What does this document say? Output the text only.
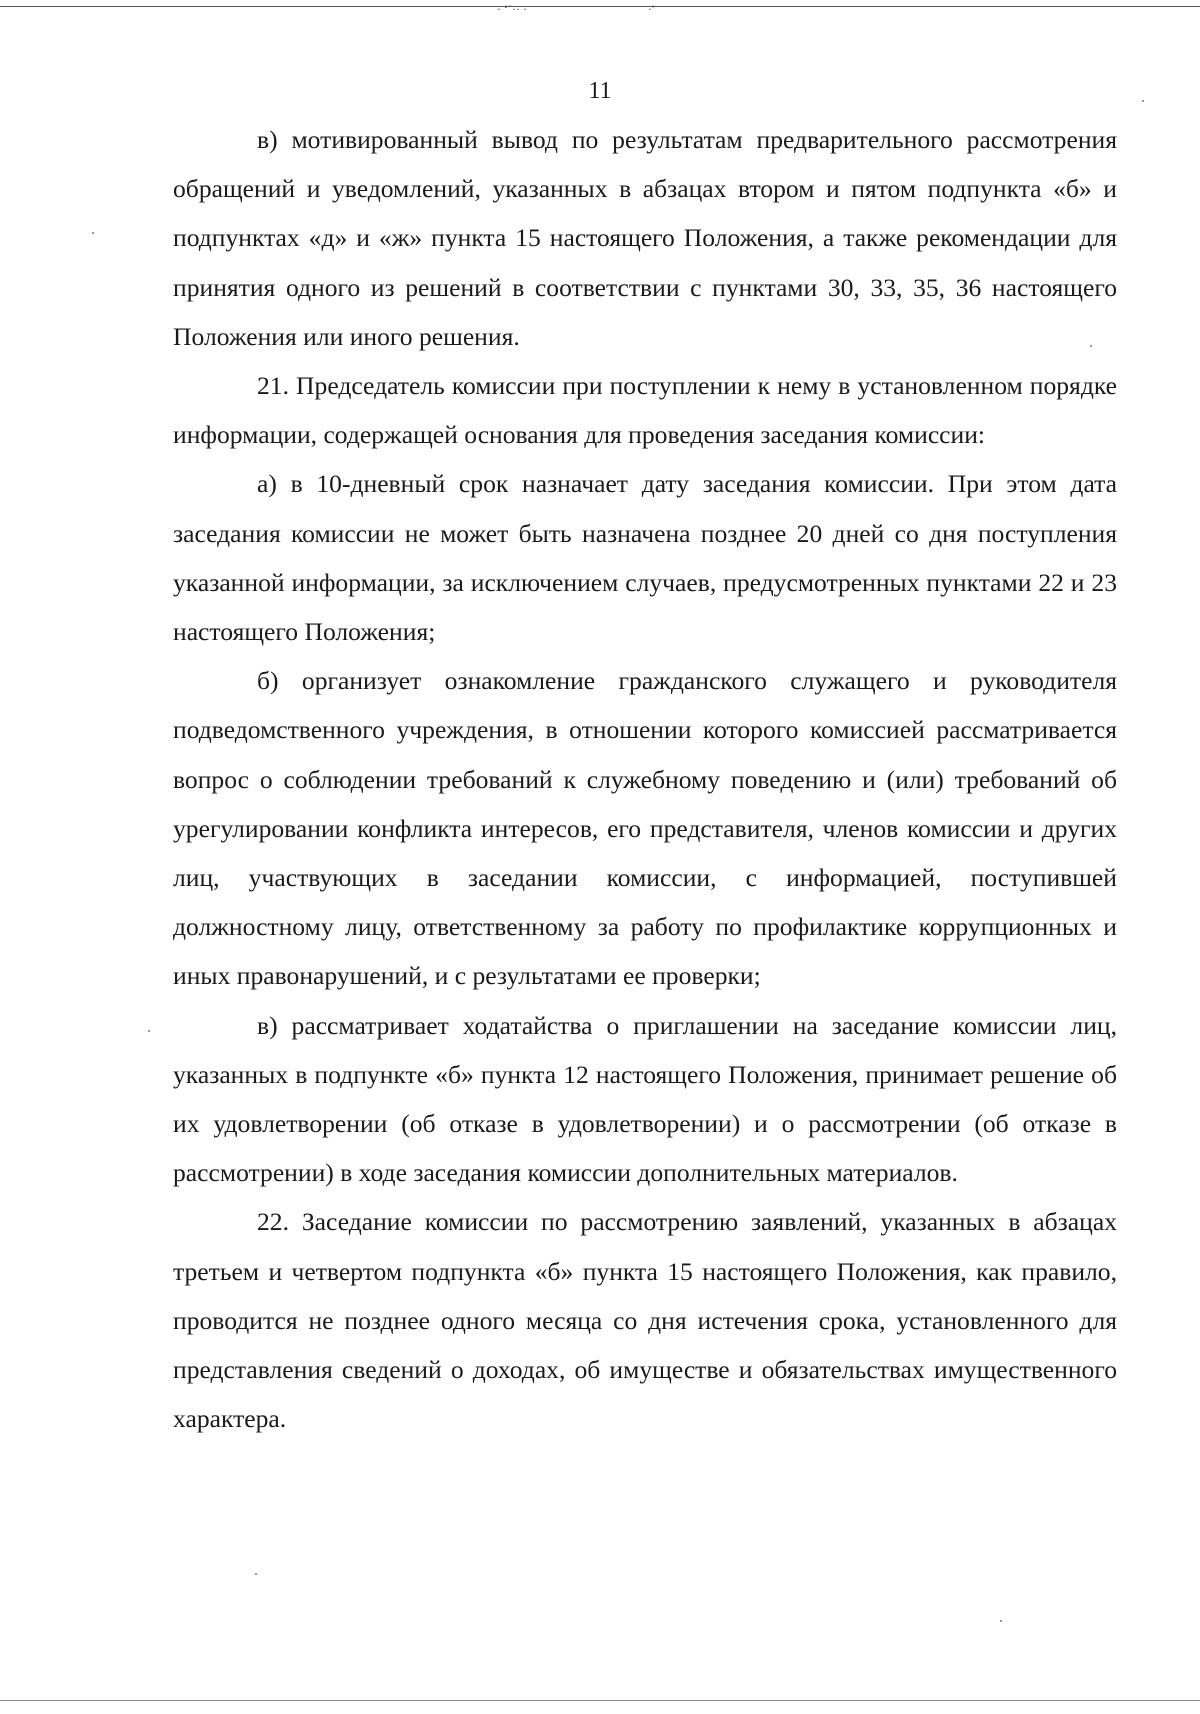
· ʻ˙·· ·	·'
11

в) мотивированный вывод по результатам предварительного рассмотрения обращений и уведомлений, указанных в абзацах втором и пятом подпункта «б» и подпунктах «д» и «ж» пункта 15 настоящего Положения, а также рекомендации для принятия одного из решений в соответствии с пунктами 30, 33, 35, 36 настоящего Положения или иного решения.

21. Председатель комиссии при поступлении к нему в установленном порядке информации, содержащей основания для проведения заседания комиссии:

а) в 10-дневный срок назначает дату заседания комиссии. При этом дата заседания комиссии не может быть назначена позднее 20 дней со дня поступления указанной информации, за исключением случаев, предусмотренных пунктами 22 и 23 настоящего Положения;

б) организует ознакомление гражданского служащего и руководителя подведомственного учреждения, в отношении которого комиссией рассматривается вопрос о соблюдении требований к служебному поведению и (или) требований об урегулировании конфликта интересов, его представителя, членов комиссии и других лиц, участвующих в заседании комиссии, с информацией, поступившей должностному лицу, ответственному за работу по профилактике коррупционных и иных правонарушений, и с результатами ее проверки;

в) рассматривает ходатайства о приглашении на заседание комиссии лиц, указанных в подпункте «б» пункта 12 настоящего Положения, принимает решение об их удовлетворении (об отказе в удовлетворении) и о рассмотрении (об отказе в рассмотрении) в ходе заседания комиссии дополнительных материалов.

22. Заседание комиссии по рассмотрению заявлений, указанных в абзацах третьем и четвертом подпункта «б» пункта 15 настоящего Положения, как правило, проводится не позднее одного месяца со дня истечения срока, установленного для представления сведений о доходах, об имуществе и обязательствах имущественного характера.
